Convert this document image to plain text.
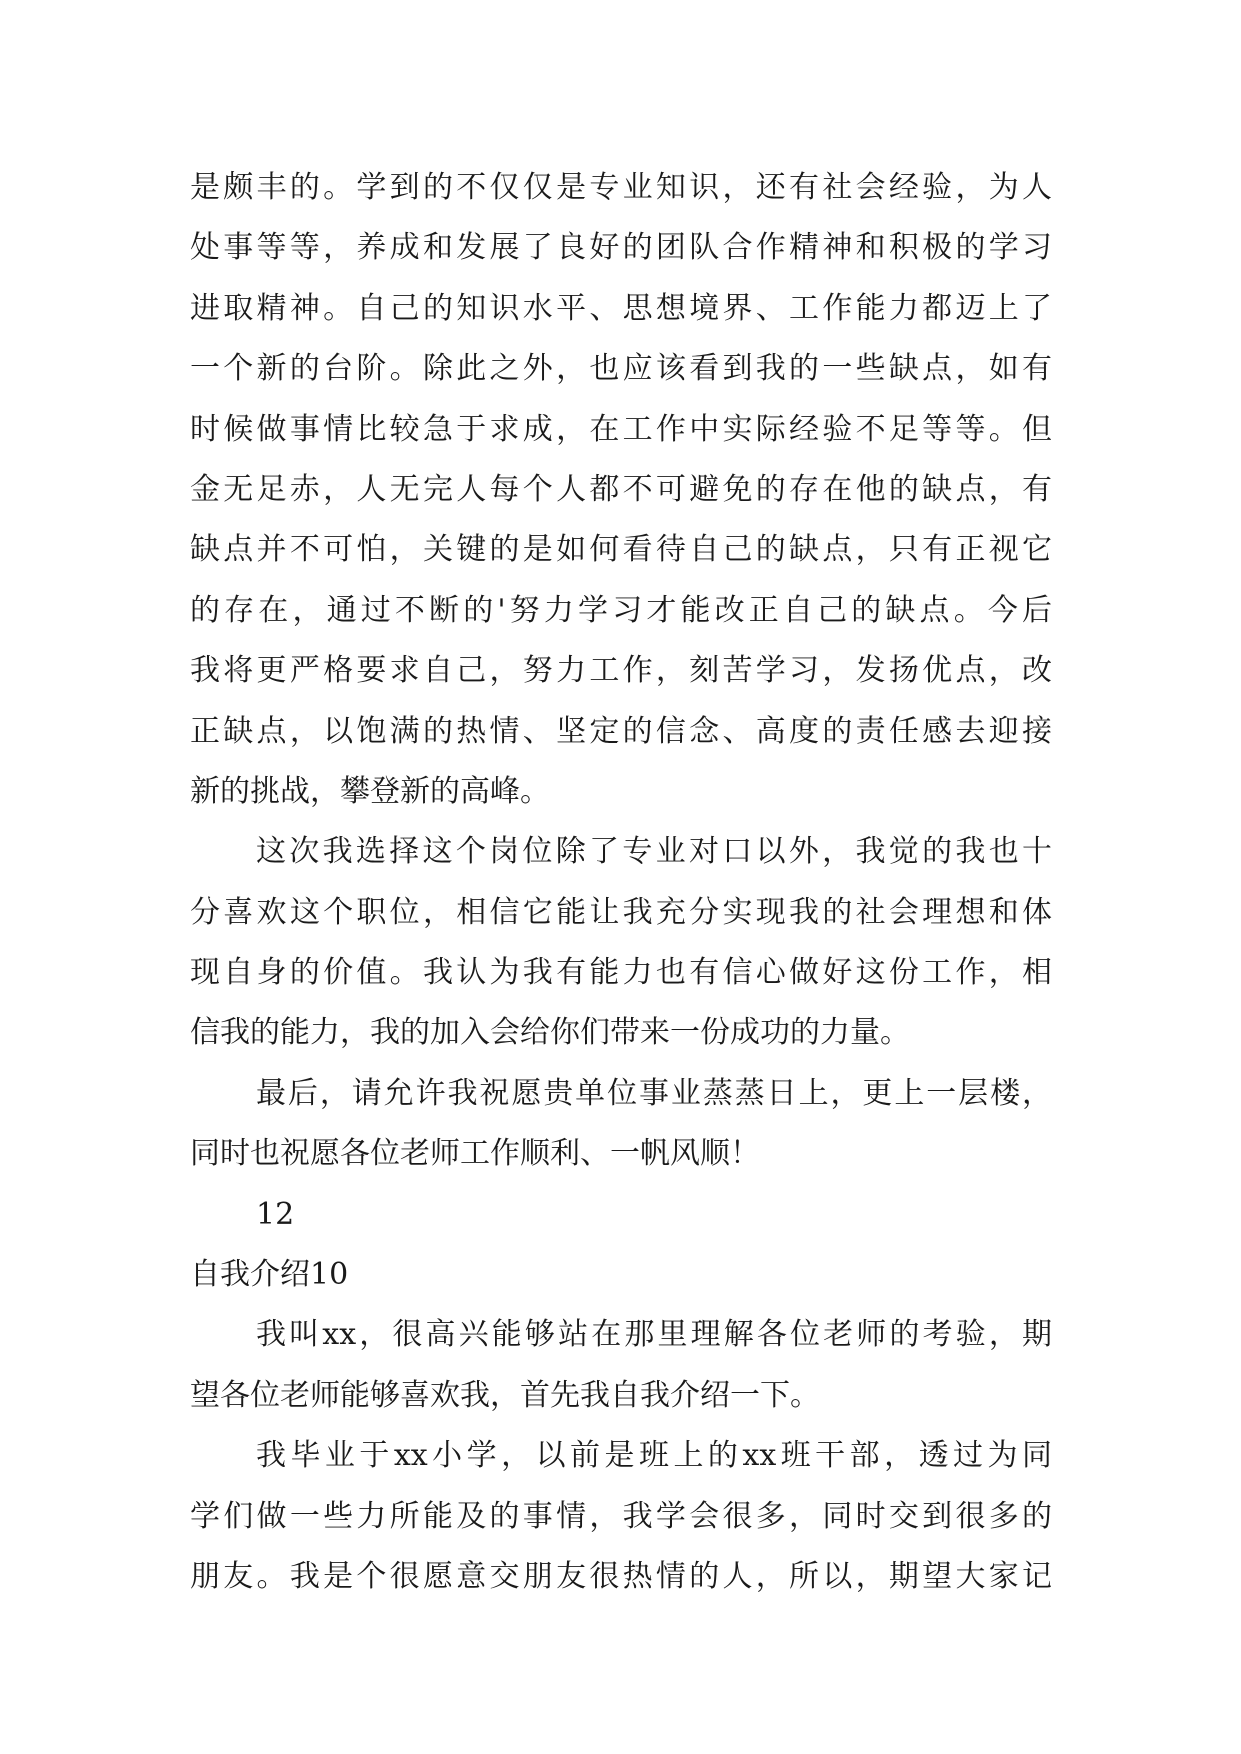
是颇丰的。学到的不仅仅是专业知识，还有社会经验，为人
处事等等，养成和发展了良好的团队合作精神和积极的学习
进取精神。自己的知识水平、思想境界、工作能力都迈上了
一个新的台阶。除此之外，也应该看到我的一些缺点，如有
时候做事情比较急于求成，在工作中实际经验不足等等。但
金无足赤，人无完人每个人都不可避免的存在他的缺点，有
缺点并不可怕，关键的是如何看待自己的缺点，只有正视它
的存在，通过不断的'努力学习才能改正自己的缺点。今后
我将更严格要求自己，努力工作，刻苦学习，发扬优点，改
正缺点，以饱满的热情、坚定的信念、高度的责任感去迎接
新的挑战，攀登新的高峰。
这次我选择这个岗位除了专业对口以外，我觉的我也十
分喜欢这个职位，相信它能让我充分实现我的社会理想和体
现自身的价值。我认为我有能力也有信心做好这份工作，相
信我的能力，我的加入会给你们带来一份成功的力量。
最后，请允许我祝愿贵单位事业蒸蒸日上，更上一层楼，
同时也祝愿各位老师工作顺利、一帆风顺！
12
自我介绍10
我叫xx，很高兴能够站在那里理解各位老师的考验，期
望各位老师能够喜欢我，首先我自我介绍一下。
我毕业于xx小学，以前是班上的xx班干部，透过为同
学们做一些力所能及的事情，我学会很多，同时交到很多的
朋友。我是个很愿意交朋友很热情的人，所以，期望大家记
